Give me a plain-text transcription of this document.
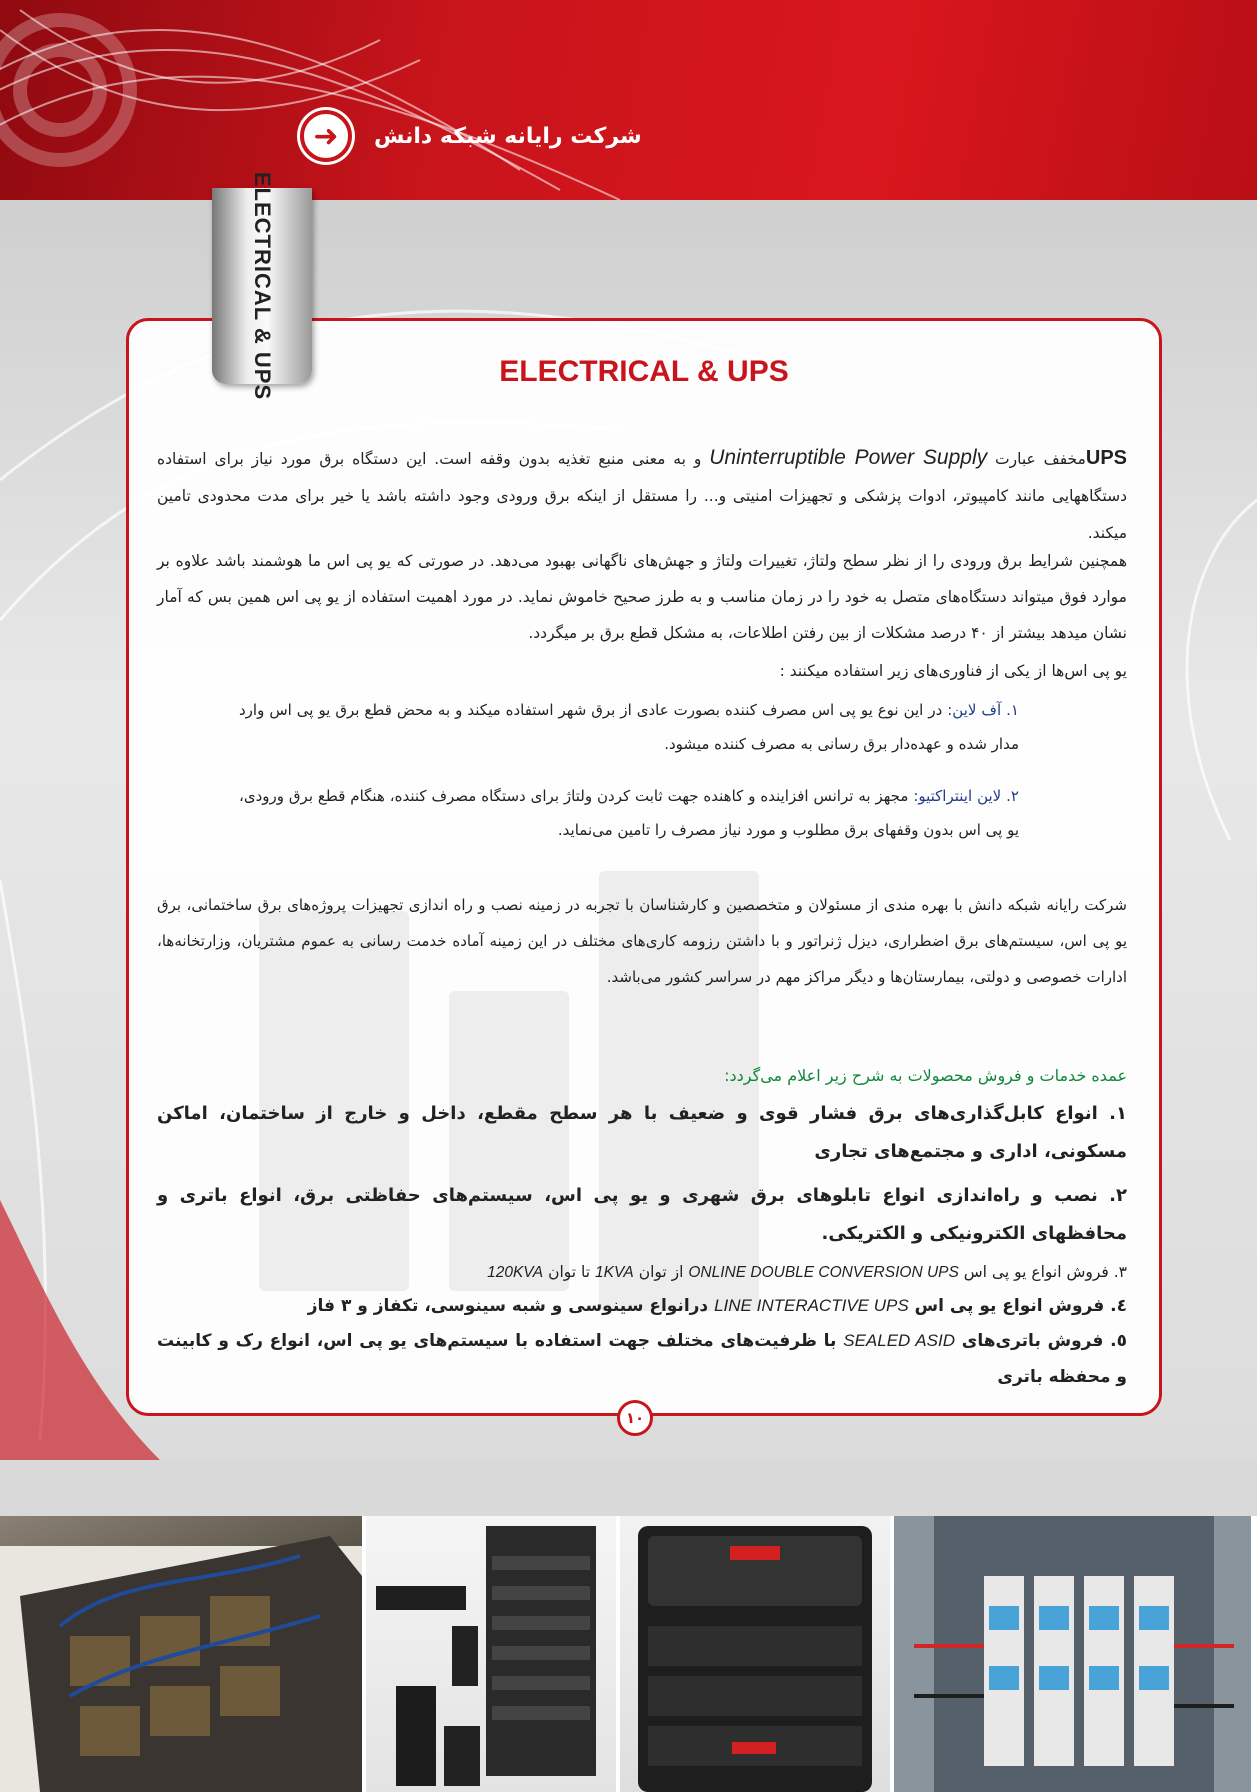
➜	شرکت رایانه شبکه دانش
ELECTRICAL & UPS	ELECTRICAL & UPS
UPSمخفف عبارت Uninterruptible Power Supply و به معنی منبع تغذیه بدون وقفه است. این دستگاه برق مورد نیاز برای استفاده دستگاههایی مانند کامپیوتر، ادوات پزشکی و تجهیزات امنیتی و... را مستقل از اینکه برق ورودی وجود داشته باشد یا خیر برای مدت محدودی تامین میکند.
همچنین شرایط برق ورودی را از نظر سطح ولتاژ، تغییرات ولتاژ و جهش‌های ناگهانی بهبود می‌دهد. در صورتی که یو پی اس ما هوشمند باشد علاوه بر موارد فوق میتواند دستگاه‌های متصل به خود را در زمان مناسب و به طرز صحیح خاموش نماید. در مورد اهمیت استفاده از یو پی اس همین بس که آمار نشان میدهد بیشتر از ۴۰ درصد مشکلات از بین رفتن اطلاعات، به مشکل قطع برق بر میگردد.
یو پی اس‌ها از یکی از فناوری‌های زیر استفاده میکنند :
۱. آف لاین: در این نوع یو پی اس مصرف کننده بصورت عادی از برق شهر استفاده میکند و به محض قطع برق یو پی اس وارد مدار شده و عهده‌دار برق رسانی به مصرف کننده میشود.
۲. لاین اینتراکتیو: مجهز به ترانس افزاینده و کاهنده جهت ثابت کردن ولتاژ برای دستگاه مصرف کننده، هنگام قطع برق ورودی، یو پی اس بدون وقفهای برق مطلوب و مورد نیاز مصرف را تامین می‌نماید.
شرکت رایانه شبکه دانش با بهره مندی از مسئولان و متخصصین و کارشناسان با تجربه در زمینه نصب و راه اندازی تجهیزات پروژه‌های برق ساختمانی، برق یو پی اس، سیستم‌های برق اضطراری، دیزل ژنراتور و با داشتن رزومه کاری‌های مختلف در این زمینه آماده خدمت رسانی به عموم مشتریان، وزارتخانه‌ها، ادارات خصوصی و دولتی، بیمارستان‌ها و دیگر مراکز مهم در سراسر کشور می‌باشد.
عمده خدمات و فروش محصولات به شرح زیر اعلام می‌گردد:
۱. انواع کابل‌گذاری‌های برق فشار قوی و ضعیف با هر سطح مقطع، داخل و خارج از ساختمان، اماکن مسکونی، اداری و مجتمع‌های تجاری
۲. نصب و راه‌اندازی انواع تابلوهای برق شهری و یو پی اس، سیستم‌های حفاظتی برق، انواع باتری و محافظهای الکترونیکی و الکتریکی.
۳. فروش انواع یو پی اس ONLINE DOUBLE CONVERSION UPS از توان 1KVA تا توان 120KVA
٤. فروش انواع یو پی اس LINE INTERACTIVE UPS درانواع سینوسی و شبه سینوسی، تکفاز و ۳ فاز
٥. فروش باتری‌های SEALED ASID با ظرفیت‌های مختلف جهت استفاده با سیستم‌های یو پی اس، انواع رک و کابینت و محفظه باتری
۱۰
